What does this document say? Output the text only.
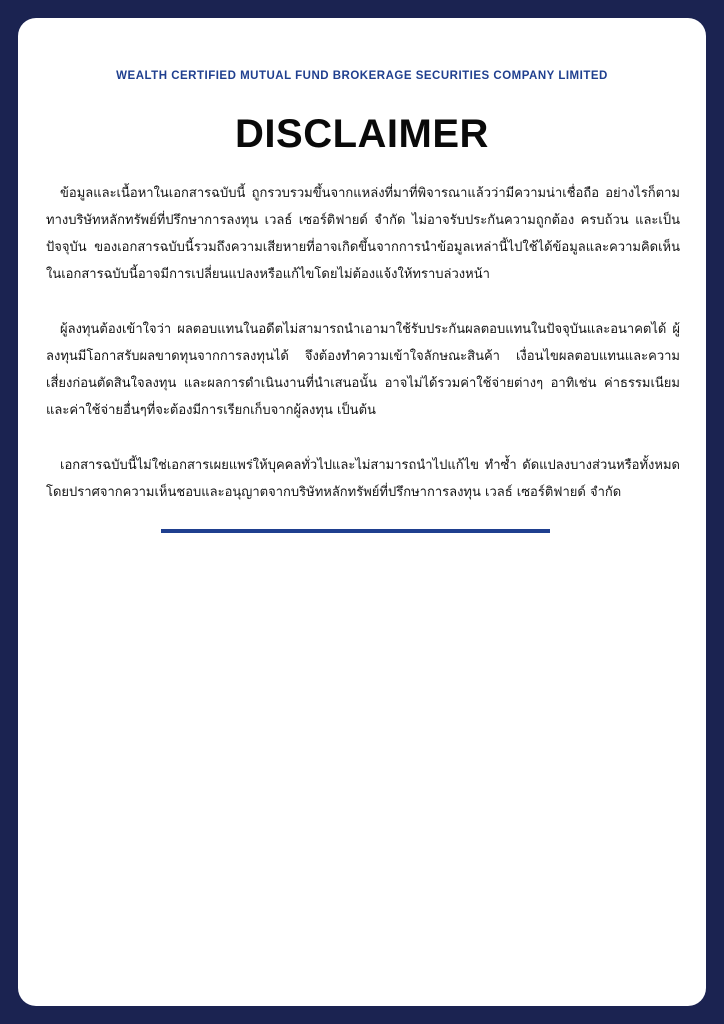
WEALTH CERTIFIED MUTUAL FUND BROKERAGE SECURITIES COMPANY LIMITED
DISCLAIMER

ข้อมูลและเนื้อหาในเอกสารฉบับนี้ ถูกรวบรวมขึ้นจากแหล่งที่มาที่พิจารณาแล้วว่ามีความน่าเชื่อถือ อย่างไรก็ตาม ทางบริษัทหลักทรัพย์ที่ปรึกษาการลงทุน เวลธ์ เซอร์ติฟายด์ จำกัด ไม่อาจรับประกันความถูกต้อง ครบถ้วน และเป็นปัจจุบัน ของเอกสารฉบับนี้รวมถึงความเสียหายที่อาจเกิดขึ้นจากการนำข้อมูลเหล่านี้ไปใช้ได้ข้อมูลและความคิดเห็นในเอกสารฉบับนี้อาจมีการเปลี่ยนแปลงหรือแก้ไขโดยไม่ต้องแจ้งให้ทราบล่วงหน้า

ผู้ลงทุนต้องเข้าใจว่า ผลตอบแทนในอดีตไม่สามารถนำเอามาใช้รับประกันผลตอบแทนในปัจจุบันและอนาคตได้ ผู้ลงทุนมีโอกาสรับผลขาดทุนจากการลงทุนได้ จึงต้องทำความเข้าใจลักษณะสินค้า เงื่อนไขผลตอบแทนและความเสี่ยงก่อนตัดสินใจลงทุน และผลการดำเนินงานที่นำเสนอนั้น อาจไม่ได้รวมค่าใช้จ่ายต่างๆ อาทิเช่น ค่าธรรมเนียมและค่าใช้จ่ายอื่นๆที่จะต้องมีการเรียกเก็บจากผู้ลงทุน เป็นต้น

เอกสารฉบับนี้ไม่ใช่เอกสารเผยแพร่ให้บุคคลทั่วไปและไม่สามารถนำไปแก้ไข ทำซ้ำ ดัดแปลงบางส่วนหรือทั้งหมด โดยปราศจากความเห็นชอบและอนุญาตจากบริษัทหลักทรัพย์ที่ปรึกษาการลงทุน เวลธ์ เซอร์ติฟายด์ จำกัด
